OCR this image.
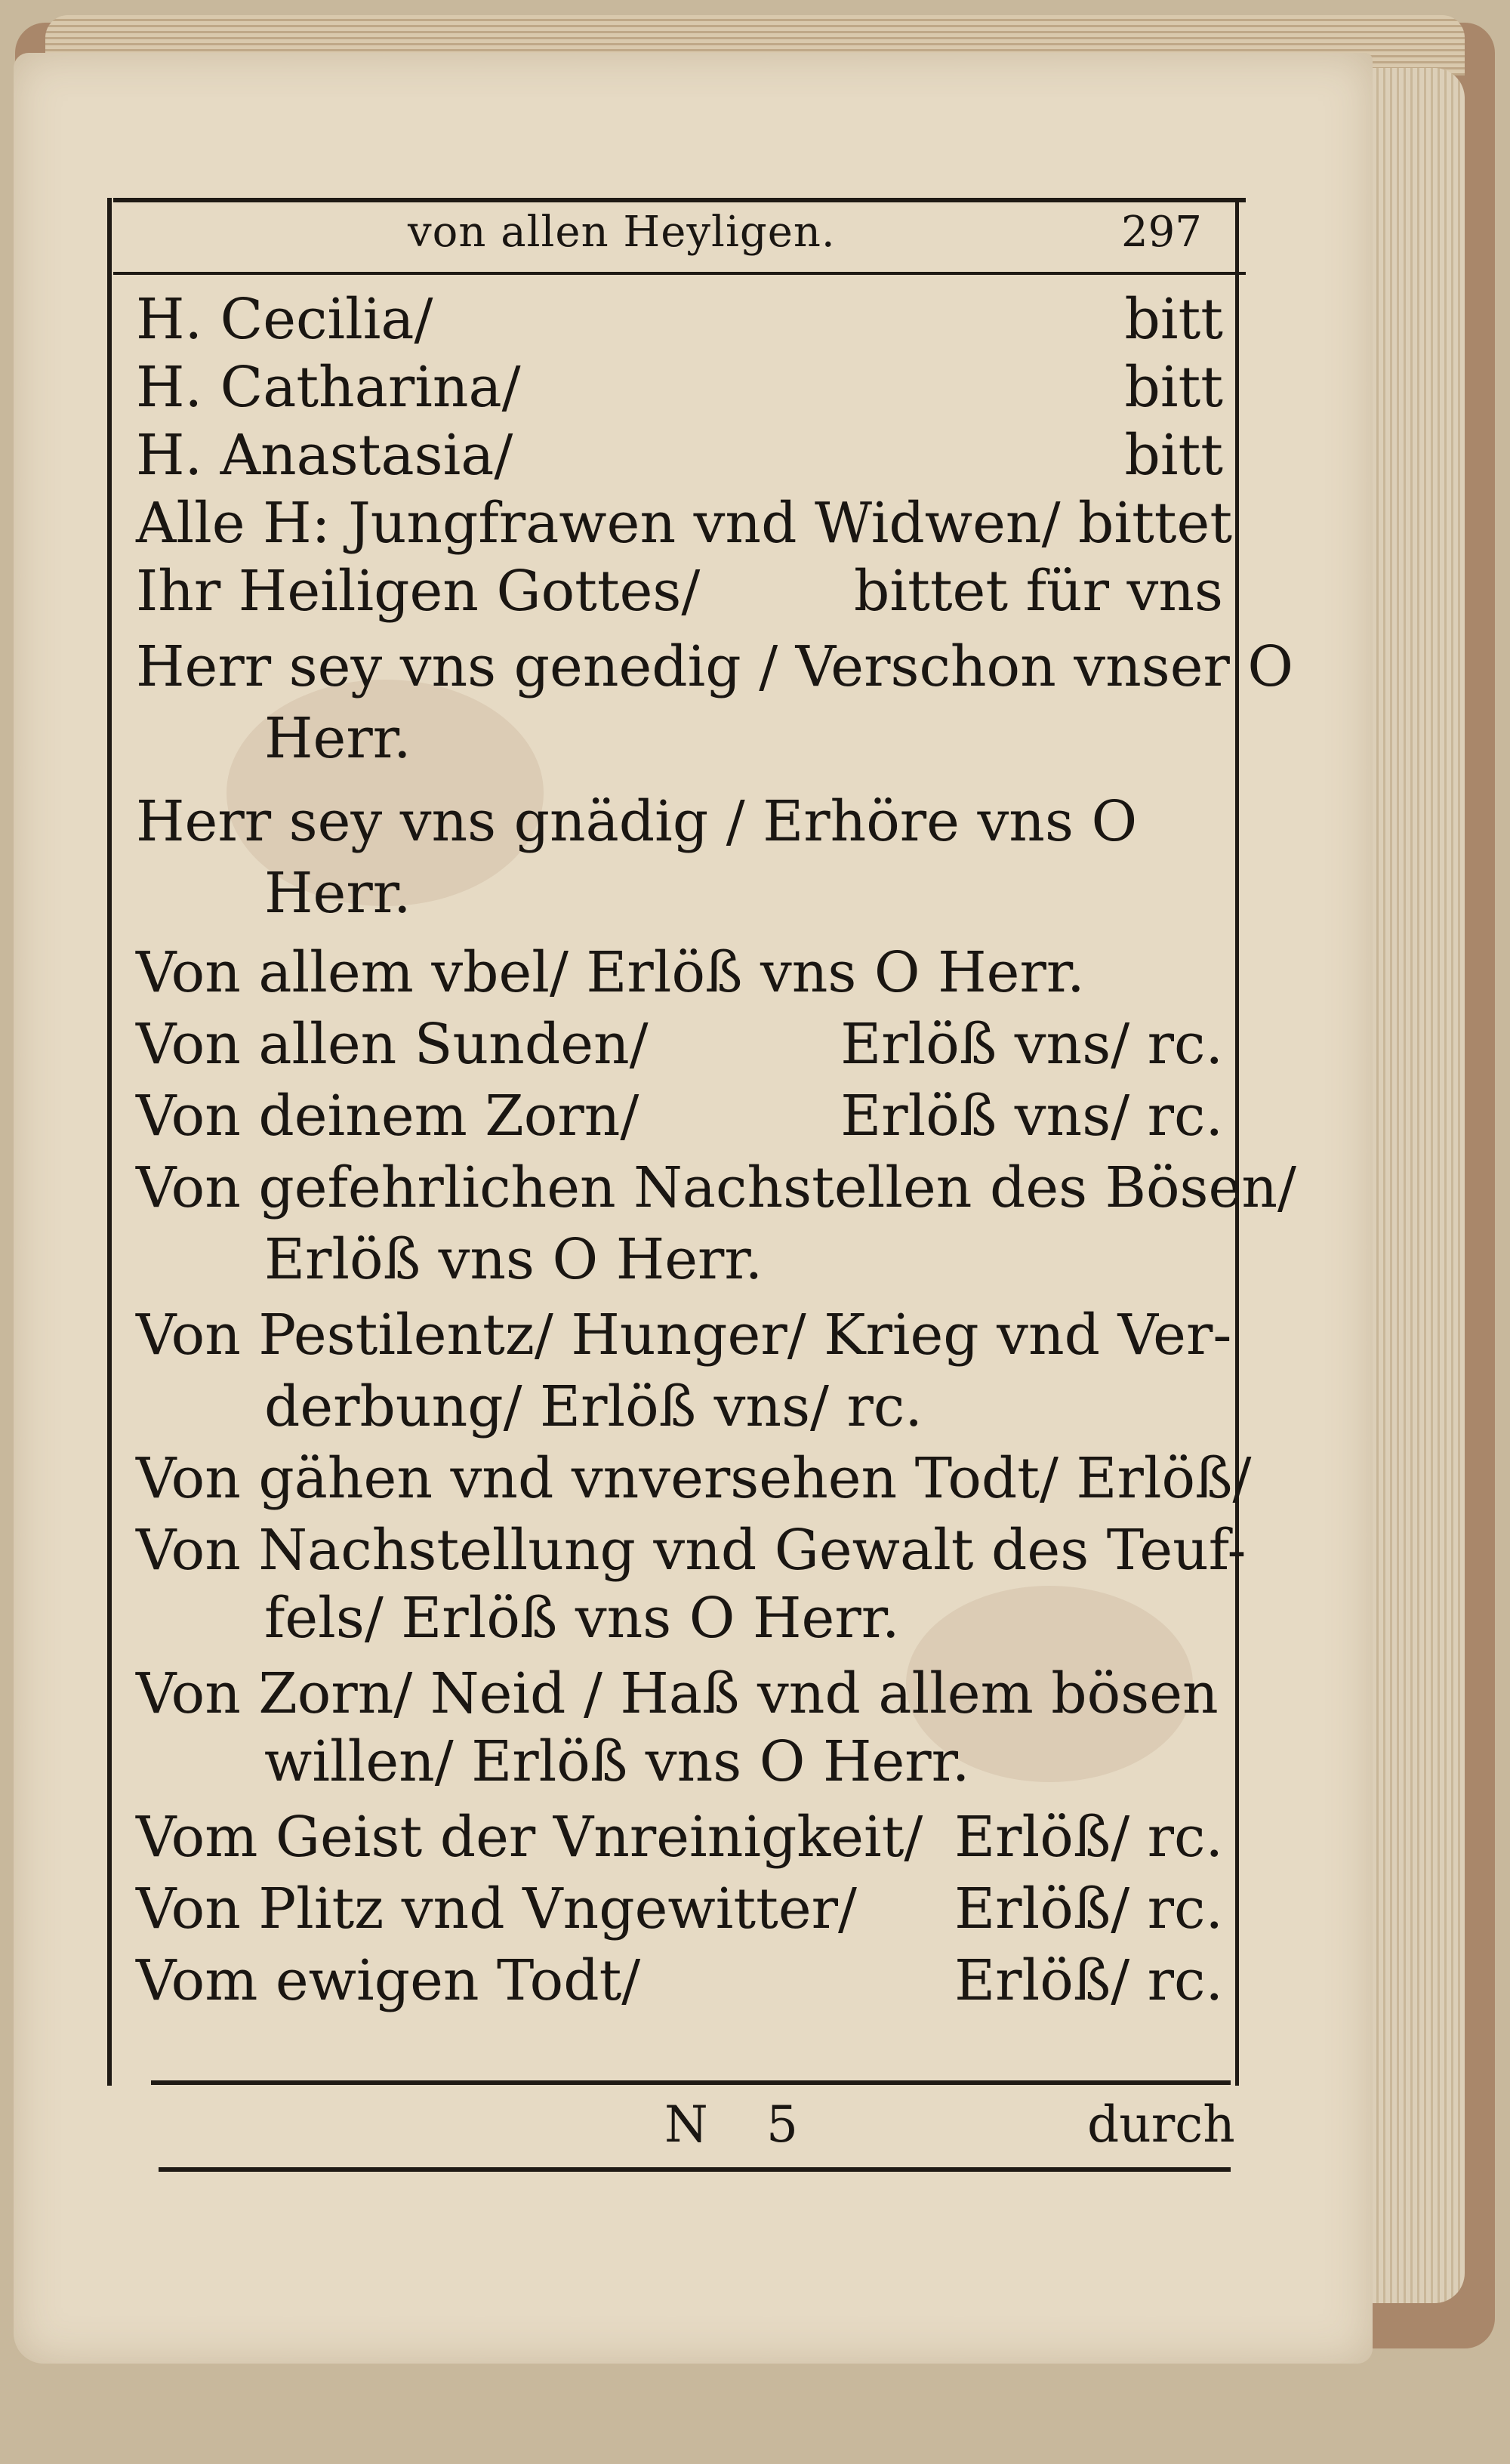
von allen Heyligen.	297
H. Cecilia/	bitt
H. Catharina/	bitt
H. Anastasia/	bitt
Alle H: Jungfrawen vnd Widwen/ bittet
Ihr Heiligen Gottes/	bittet für vns
Herr sey vns genedig / Verschon vnser O
Herr.
Herr sey vns gnädig / Erhöre vns O
Herr.
Von allem vbel/ Erlöß vns O Herr.
Von allen Sunden/	Erlöß vns/ rc.
Von deinem Zorn/	Erlöß vns/ rc.
Von gefehrlichen Nachstellen des Bösen/
Erlöß vns O Herr.
Von Pestilentz/ Hunger/ Krieg vnd Ver-
derbung/ Erlöß vns/ rc.
Von gähen vnd vnversehen Todt/ Erlöß/
Von Nachstellung vnd Gewalt des Teuf-
fels/ Erlöß vns O Herr.
Von Zorn/ Neid / Haß vnd allem bösen
willen/ Erlöß vns O Herr.
Vom Geist der Vnreinigkeit/ Erlöß/ rc.
Von Plitz vnd Vngewitter/ Erlöß/ rc.
Vom ewigen Todt/	Erlöß/ rc.
N 5	durch
